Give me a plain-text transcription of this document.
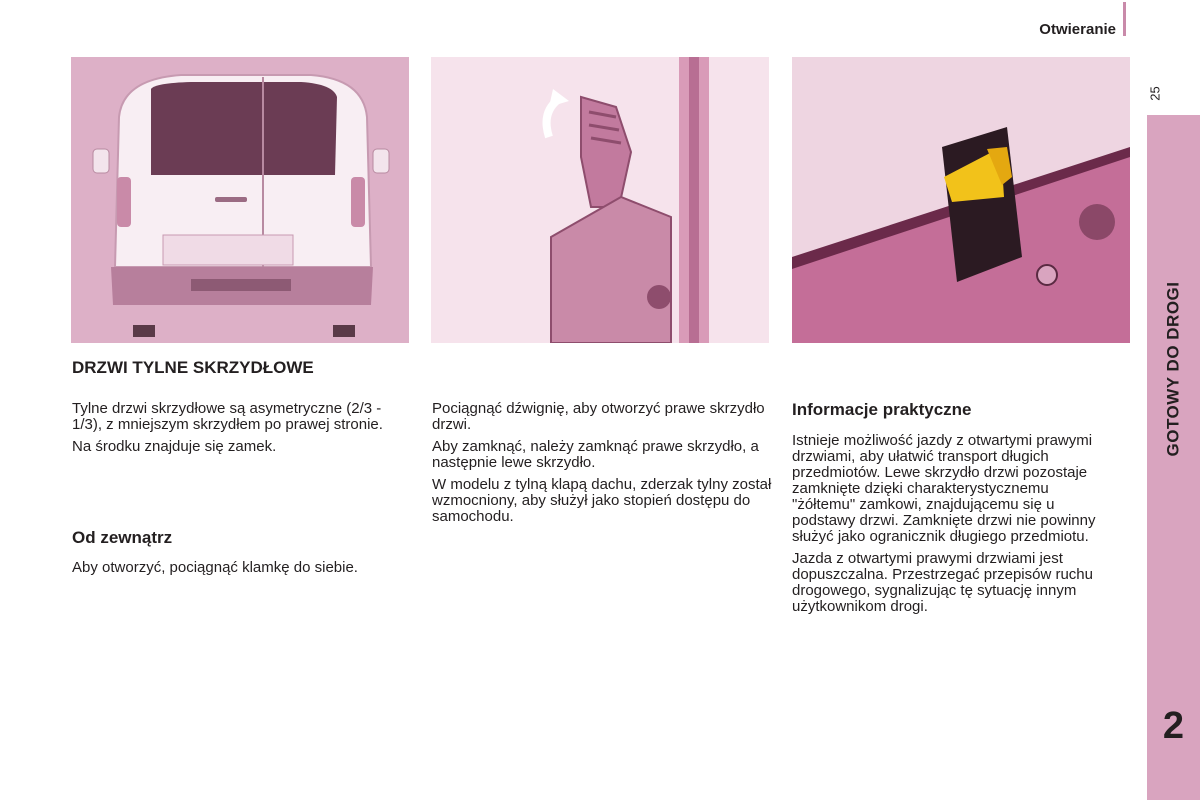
Otwieranie
25
2
DRZWI TYLNE SKRZYDŁOWE

Tylne drzwi skrzydłowe są asymetryczne (2/3 - 1/3), z mniejszym skrzydłem po prawej stronie.

Na środku znajduje się zamek.

Od zewnątrz

Aby otworzyć, pociągnąć klamkę do siebie.

Pociągnąć dźwignię, aby otworzyć prawe skrzydło drzwi.

Aby zamknąć, należy zamknąć prawe skrzydło, a następnie lewe skrzydło.

W modelu z tylną klapą dachu, zderzak tylny został wzmocniony, aby służył jako stopień dostępu do samochodu.

Informacje praktyczne

Istnieje możliwość jazdy z otwartymi prawymi drzwiami, aby ułatwić transport długich przedmiotów. Lewe skrzydło drzwi pozostaje zamknięte dzięki charakterystycznemu "żółtemu" zamkowi, znajdującemu się u podstawy drzwi. Zamknięte drzwi nie powinny służyć jako ogranicznik długiego przedmiotu.

Jazda z otwartymi prawymi drzwiami jest dopuszczalna. Przestrzegać przepisów ruchu drogowego, sygnalizując tę sytuację innym użytkownikom drogi.
